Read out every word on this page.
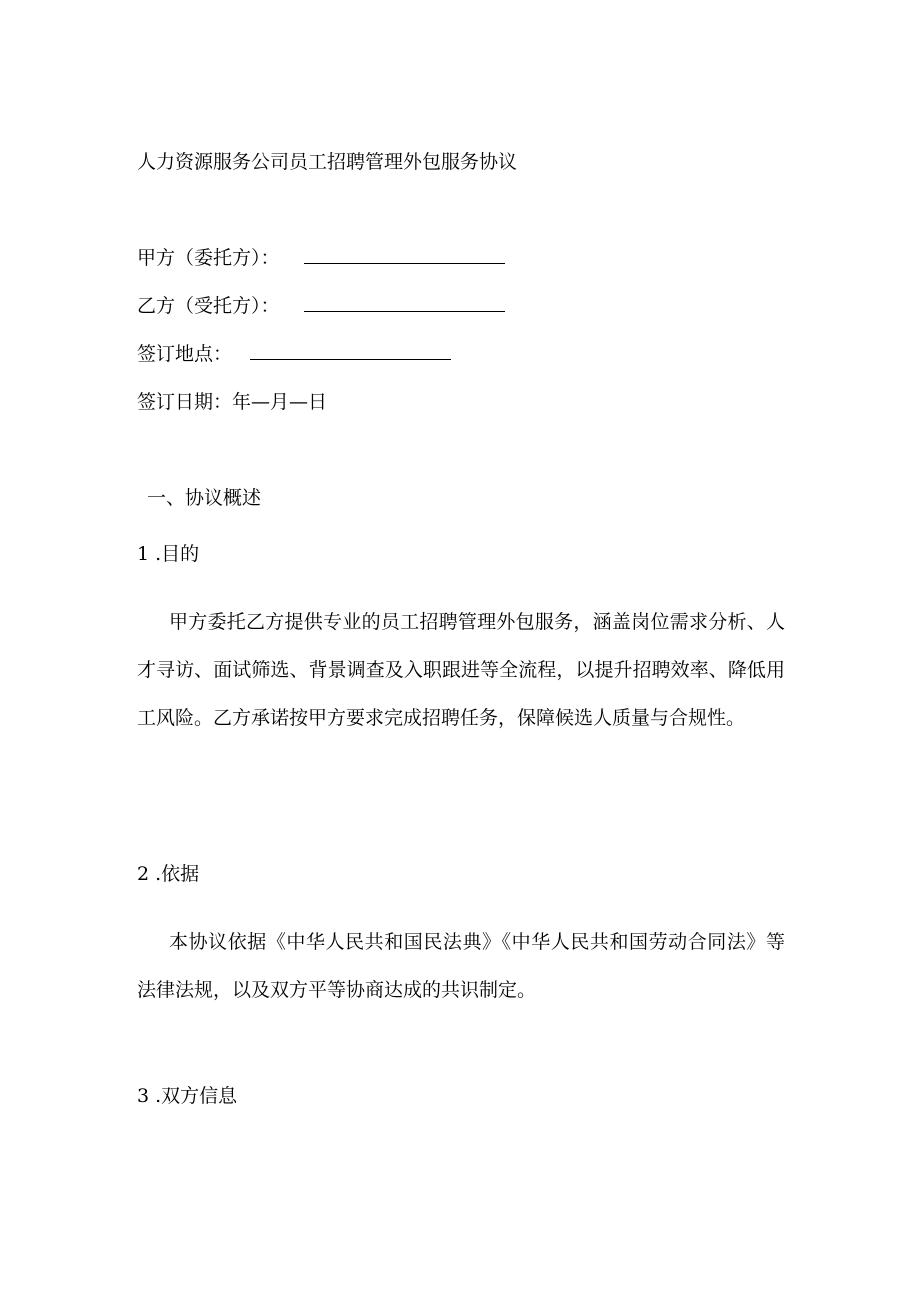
人力资源服务公司员工招聘管理外包服务协议
甲方（委托方）：
乙方（受托方）：
签订地点：
签订日期：年—月—日
一、协议概述
1 .目的
甲方委托乙方提供专业的员工招聘管理外包服务，涵盖岗位需求分析、人才寻访、面试筛选、背景调查及入职跟进等全流程，以提升招聘效率、降低用工风险。乙方承诺按甲方要求完成招聘任务，保障候选人质量与合规性。
2 .依据
本协议依据《中华人民共和国民法典》《中华人民共和国劳动合同法》等法律法规，以及双方平等协商达成的共识制定。
3 .双方信息
